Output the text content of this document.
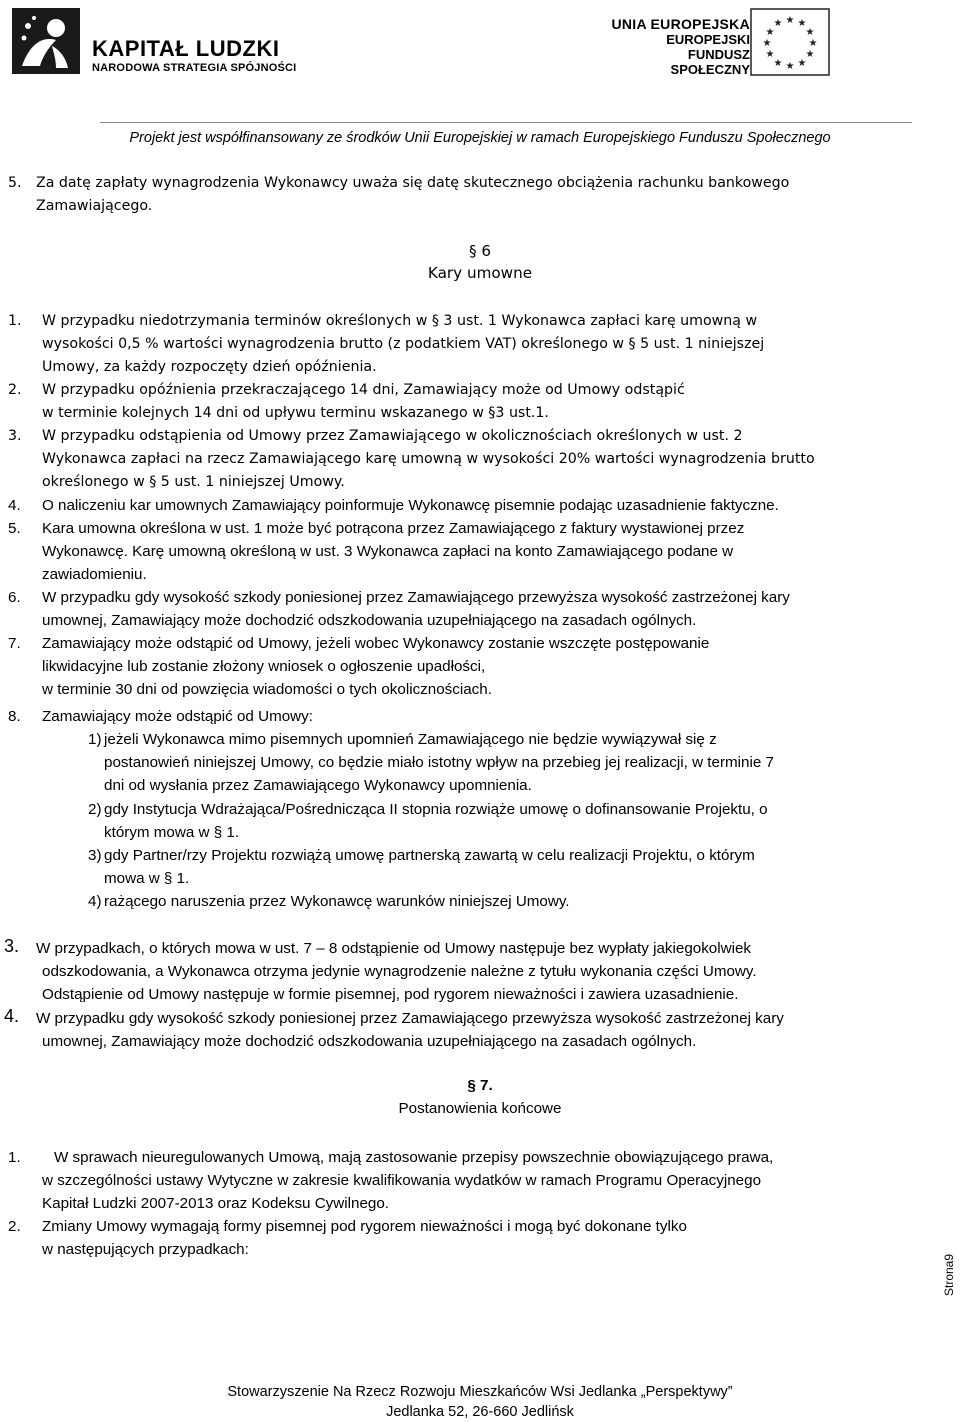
KAPITAŁ LUDZKI
NARODOWA STRATEGIA SPÓJNOŚCI
UNIA EUROPEJSKA
EUROPEJSKI
FUNDUSZ SPOŁECZNY
★ ★
★
★
★
★
★
★
★
★
★
★
Projekt jest współfinansowany ze środków Unii Europejskiej w ramach Europejskiego Funduszu Społecznego
5. Za datę zapłaty wynagrodzenia Wykonawcy uważa się datę skutecznego obciążenia rachunku bankowego
Zamawiającego.
§ 6
Kary umowne
1. W przypadku niedotrzymania terminów określonych w § 3 ust. 1 Wykonawca zapłaci karę umowną w
wysokości 0,5 % wartości wynagrodzenia brutto (z podatkiem VAT) określonego w § 5 ust. 1 niniejszej
Umowy, za każdy rozpoczęty dzień opóźnienia.
2. W przypadku opóźnienia przekraczającego 14 dni, Zamawiający może od Umowy odstąpić
w terminie kolejnych 14 dni od upływu terminu wskazanego w §3 ust.1.
3. W przypadku odstąpienia od Umowy przez Zamawiającego w okolicznościach określonych w ust. 2
Wykonawca zapłaci na rzecz Zamawiającego karę umowną w wysokości 20% wartości wynagrodzenia brutto
określonego w § 5 ust. 1 niniejszej Umowy.
4. O naliczeniu kar umownych Zamawiający poinformuje Wykonawcę pisemnie podając uzasadnienie faktyczne.
5. Kara umowna określona w ust. 1 może być potrącona przez Zamawiającego z faktury wystawionej przez
Wykonawcę. Karę umowną określoną w ust. 3 Wykonawca zapłaci na konto Zamawiającego podane w
zawiadomieniu.
6. W przypadku gdy wysokość szkody poniesionej przez Zamawiającego przewyższa wysokość zastrzeżonej kary
umownej, Zamawiający może dochodzić odszkodowania uzupełniającego na zasadach ogólnych.
7. Zamawiający może odstąpić od Umowy, jeżeli wobec Wykonawcy zostanie wszczęte postępowanie
likwidacyjne lub zostanie złożony wniosek o ogłoszenie upadłości,
w terminie 30 dni od powzięcia wiadomości o tych okolicznościach.
8. Zamawiający może odstąpić od Umowy:
1) jeżeli Wykonawca mimo pisemnych upomnień Zamawiającego nie będzie wywiązywał się z
postanowień niniejszej Umowy, co będzie miało istotny wpływ na przebieg jej realizacji, w terminie 7
dni od wysłania przez Zamawiającego Wykonawcy upomnienia.
2) gdy Instytucja Wdrażająca/Pośrednicząca II stopnia rozwiąże umowę o dofinansowanie Projektu, o
którym mowa w § 1.
3) gdy Partner/rzy Projektu rozwiążą umowę partnerską zawartą w celu realizacji Projektu, o którym
mowa w § 1.
4) rażącego naruszenia przez Wykonawcę warunków niniejszej Umowy.
3. W przypadkach, o których mowa w ust. 7 – 8 odstąpienie od Umowy następuje bez wypłaty jakiegokolwiek
odszkodowania, a Wykonawca otrzyma jedynie wynagrodzenie należne z tytułu wykonania części Umowy.
Odstąpienie od Umowy następuje w formie pisemnej, pod rygorem nieważności i zawiera uzasadnienie.
4. W przypadku gdy wysokość szkody poniesionej przez Zamawiającego przewyższa wysokość zastrzeżonej kary
umownej, Zamawiający może dochodzić odszkodowania uzupełniającego na zasadach ogólnych.
§ 7.
Postanowienia końcowe
1. W sprawach nieuregulowanych Umową, mają zastosowanie przepisy powszechnie obowiązującego prawa,
w szczególności ustawy Wytyczne w zakresie kwalifikowania wydatków w ramach Programu Operacyjnego
Kapitał Ludzki 2007-2013 oraz Kodeksu Cywilnego.
2. Zmiany Umowy wymagają formy pisemnej pod rygorem nieważności i mogą być dokonane tylko
w następujących przypadkach:
Strona9
Stowarzyszenie Na Rzecz Rozwoju Mieszkańców Wsi Jedlanka „Perspektywy”
Jedlanka 52, 26-660 Jedlińsk
